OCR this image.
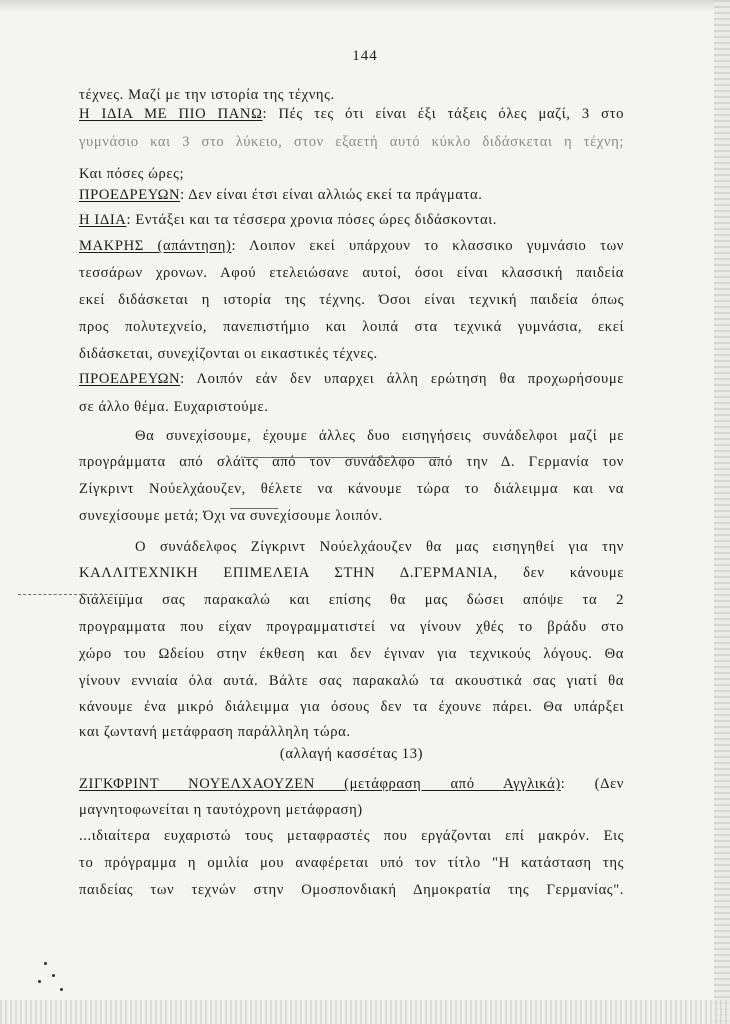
144
τέχνες. Μαζί με την ιστορία της τέχνης.
Η ΙΔΙΑ ΜΕ ΠΙΟ ΠΑΝΩ: Πές τες ότι είναι έξι τάξεις όλες μαζί, 3 στο
γυμνάσιο και 3 στο λύκειο, στον εξαετή αυτό κύκλο διδάσκεται η τέχνη;
Και πόσες ώρες;
ΠΡΟΕΔΡΕΥΩΝ: Δεν είναι έτσι είναι αλλιώς εκεί τα πράγματα.
Η ΙΔΙΑ: Εντάξει και τα τέσσερα χρονια πόσες ώρες διδάσκονται.
ΜΑΚΡΗΣ (απάντηση): Λοιπον εκεί υπάρχουν το κλασσικο γυμνάσιο των
τεσσάρων χρονων. Αφού ετελειώσανε αυτοί, όσοι είναι κλασσική παιδεία
εκεί διδάσκεται η ιστορία της τέχνης. Όσοι είναι τεχνική παιδεία όπως
προς πολυτεχνείο, πανεπιστήμιο και λοιπά στα τεχνικά γυμνάσια, εκεί
διδάσκεται, συνεχίζονται οι εικαστικές τέχνες.
ΠΡΟΕΔΡΕΥΩΝ: Λοιπόν εάν δεν υπαρχει άλλη ερώτηση θα προχωρήσουμε
σε άλλο θέμα. Ευχαριστούμε.
Θα συνεχίσουμε, έχουμε άλλες δυο εισηγήσεις συνάδελφοι μαζί με
προγράμματα από σλάϊτς από τον συνάδελφο από την Δ. Γερμανία τον
Ζίγκριντ Νούελχάουζεν, θέλετε να κάνουμε τώρα το διάλειμμα και να
συνεχίσουμε μετά; Όχι να συνεχίσουμε λοιπόν.
Ο συνάδελφος Ζίγκριντ Νούελχάουζεν θα μας εισηγηθεί για την
ΚΑΛΛΙΤΕΧΝΙΚΗ ΕΠΙΜΕΛΕΙΑ ΣΤΗΝ Δ.ΓΕΡΜΑΝΙΑ, δεν κάνουμε
διάλειμμα σας παρακαλώ και επίσης θα μας δώσει απόψε τα 2
προγραμματα που είχαν προγραμματιστεί να γίνουν χθές το βράδυ στο
χώρο του Ωδείου στην έκθεση και δεν έγιναν για τεχνικούς λόγους. Θα
γίνουν εννιαία όλα αυτά. Βάλτε σας παρακαλώ τα ακουστικά σας γιατί θα
κάνουμε ένα μικρό διάλειμμα για όσους δεν τα έχουνε πάρει. Θα υπάρξει
και ζωντανή μετάφραση παράλληλη τώρα.
(αλλαγή κασσέτας 13)
ΖΙΓΚΦΡΙΝΤ ΝΟΥΕΛΧΑΟΥΖΕΝ (μετάφραση από Αγγλικά): (Δεν
μαγνητοφωνείται η ταυτόχρονη μετάφραση)
...ιδιαίτερα ευχαριστώ τους μεταφραστές που εργάζονται επί μακρόν. Εις
το πρόγραμμα η ομιλία μου αναφέρεται υπό τον τίτλο "Η κατάσταση της
παιδείας των τεχνών στην Ομοσπονδιακή Δημοκρατία της Γερμανίας".
